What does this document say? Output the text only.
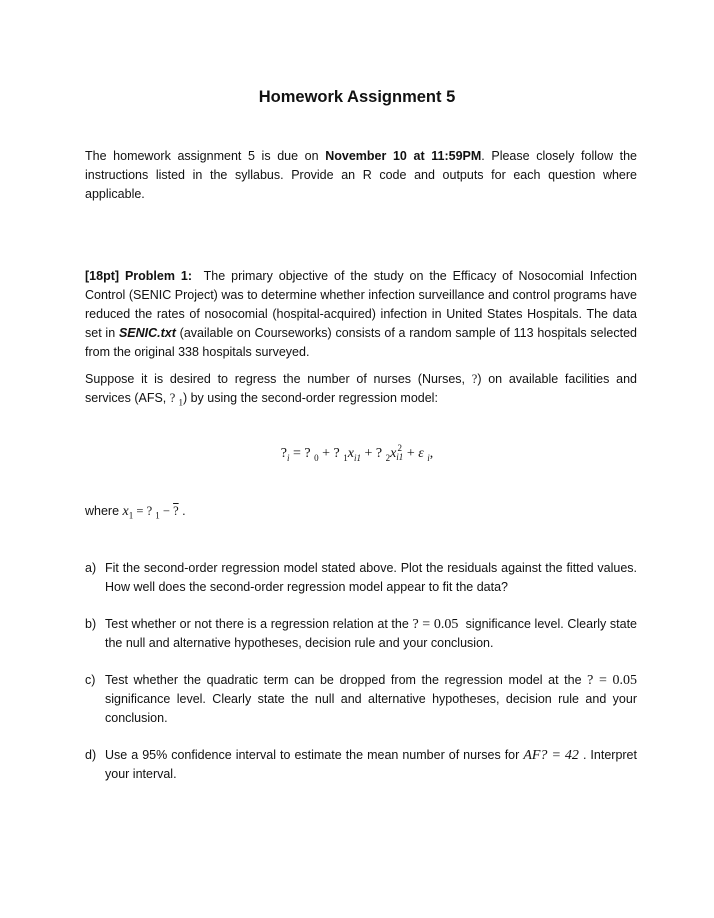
Homework Assignment 5

The homework assignment 5 is due on November 10 at 11:59PM. Please closely follow the instructions listed in the syllabus. Provide an R code and outputs for each question where applicable.

[18pt] Problem 1:  The primary objective of the study on the Efficacy of Nosocomial Infection Control (SENIC Project) was to determine whether infection surveillance and control programs have reduced the rates of nosocomial (hospital-acquired) infection in United States Hospitals. The data set in SENIC.txt (available on Courseworks) consists of a random sample of 113 hospitals selected from the original 338 hospitals surveyed.

Suppose it is desired to regress the number of nurses (Nurses, ?) on available facilities and services (AFS, ? $_1$) by using the second-order regression model:

$?_i$ = ? $_0$ + ? $_1x_{i1}$ + ? $_2$x 2
i1 + ε $_i$,

where $x_1$ = ? $_1$ − ? .

a) Fit the second-order regression model stated above. Plot the residuals against the fitted values. How well does the second-order regression model appear to fit the data?
b) Test whether or not there is a regression relation at the ? = 0.05  significance level. Clearly state the null and alternative hypotheses, decision rule and your conclusion.
c) Test whether the quadratic term can be dropped from the regression model at the ? = 0.05 significance level. Clearly state the null and alternative hypotheses, decision rule and your conclusion.
d) Use a 95% confidence interval to estimate the mean number of nurses for AF? = 42 . Interpret your interval.
